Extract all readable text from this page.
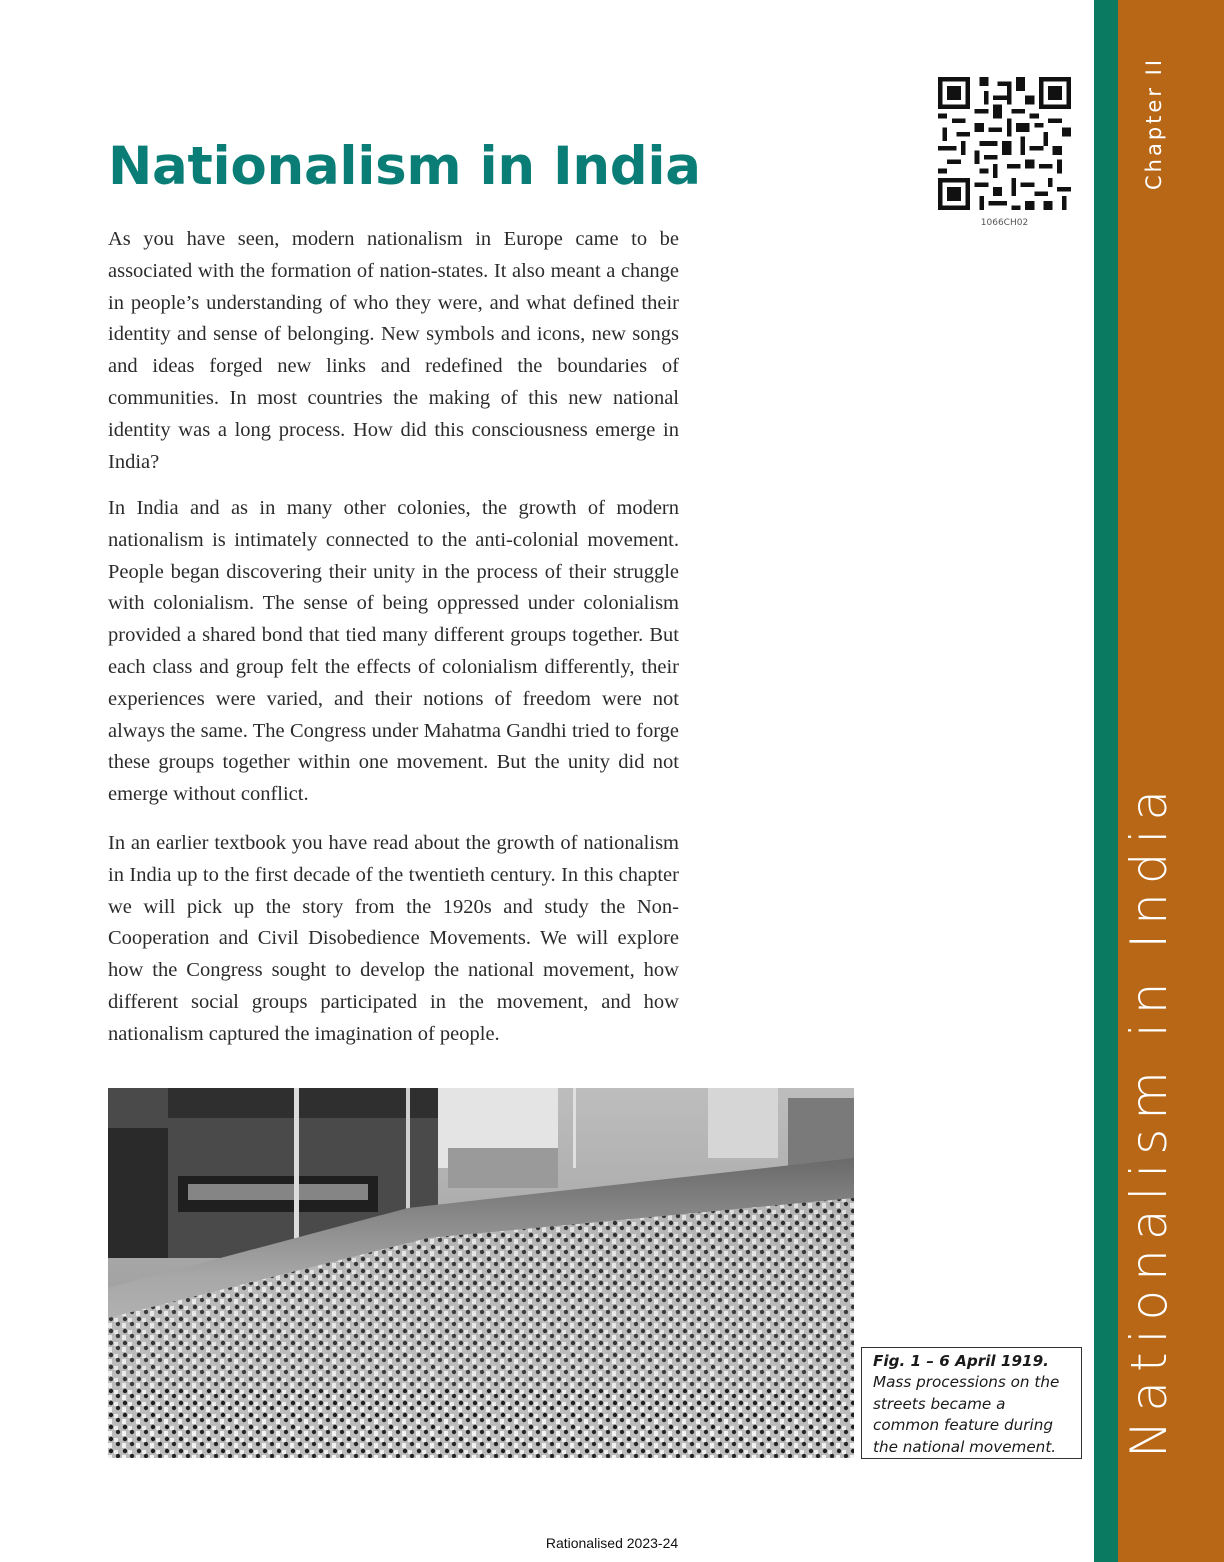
Chapter II
Nationalism in India
1066CH02
Nationalism in India

As you have seen, modern nationalism in Europe came to be associated with the formation of nation-states. It also meant a change in people’s understanding of who they were, and what defined their identity and sense of belonging. New symbols and icons, new songs and ideas forged new links and redefined the boundaries of communities. In most countries the making of this new national identity was a long process. How did this consciousness emerge in India?

In India and as in many other colonies, the growth of modern nationalism is intimately connected to the anti-colonial movement. People began discovering their unity in the process of their struggle with colonialism. The sense of being oppressed under colonialism provided a shared bond that tied many different groups together. But each class and group felt the effects of colonialism differently, their experiences were varied, and their notions of freedom were not always the same. The Congress under Mahatma Gandhi tried to forge these groups together within one movement. But the unity did not emerge without conflict.

In an earlier textbook you have read about the growth of nationalism in India up to the first decade of the twentieth century. In this chapter we will pick up the story from the 1920s and study the Non-Cooperation and Civil Disobedience Movements. We will explore how the Congress sought to develop the national movement, how different social groups participated in the movement, and how nationalism captured the imagination of people.

Fig. 1 – 6 April 1919. Mass processions on the streets became a common feature during the national movement.
Rationalised 2023-24
